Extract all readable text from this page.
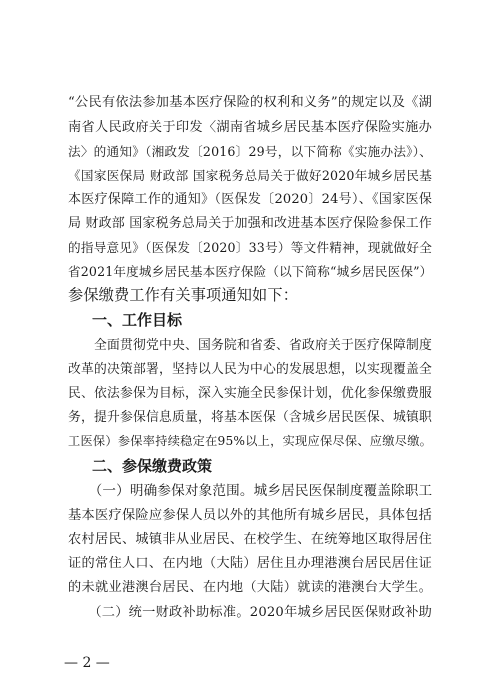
“公民有依法参加基本医疗保险的权利和义务”的规定以及《湖
南省人民政府关于印发〈湖南省城乡居民基本医疗保险实施办
法〉的通知》（湘政发〔2016〕29号，以下简称《实施办法》）、
《国家医保局 财政部 国家税务总局关于做好2020年城乡居民基
本医疗保障工作的通知》（医保发〔2020〕24号）、《国家医保
局 财政部 国家税务总局关于加强和改进基本医疗保险参保工作
的指导意见》（医保发〔2020〕33号）等文件精神，现就做好全
省2021年度城乡居民基本医疗保险（以下简称“城乡居民医保”）
参保缴费工作有关事项通知如下：
一、工作目标
　　全面贯彻党中央、国务院和省委、省政府关于医疗保障制度
改革的决策部署，坚持以人民为中心的发展思想，以实现覆盖全
民、依法参保为目标，深入实施全民参保计划，优化参保缴费服
务，提升参保信息质量，将基本医保（含城乡居民医保、城镇职
工医保）参保率持续稳定在95%以上，实现应保尽保、应缴尽缴。
二、参保缴费政策
　　（一）明确参保对象范围。城乡居民医保制度覆盖除职工
基本医疗保险应参保人员以外的其他所有城乡居民，具体包括
农村居民、城镇非从业居民、在校学生、在统筹地区取得居住
证的常住人口、在内地（大陆）居住且办理港澳台居民居住证
的未就业港澳台居民、在内地（大陆）就读的港澳台大学生。
　　（二）统一财政补助标准。2020年城乡居民医保财政补助
— 2 —
